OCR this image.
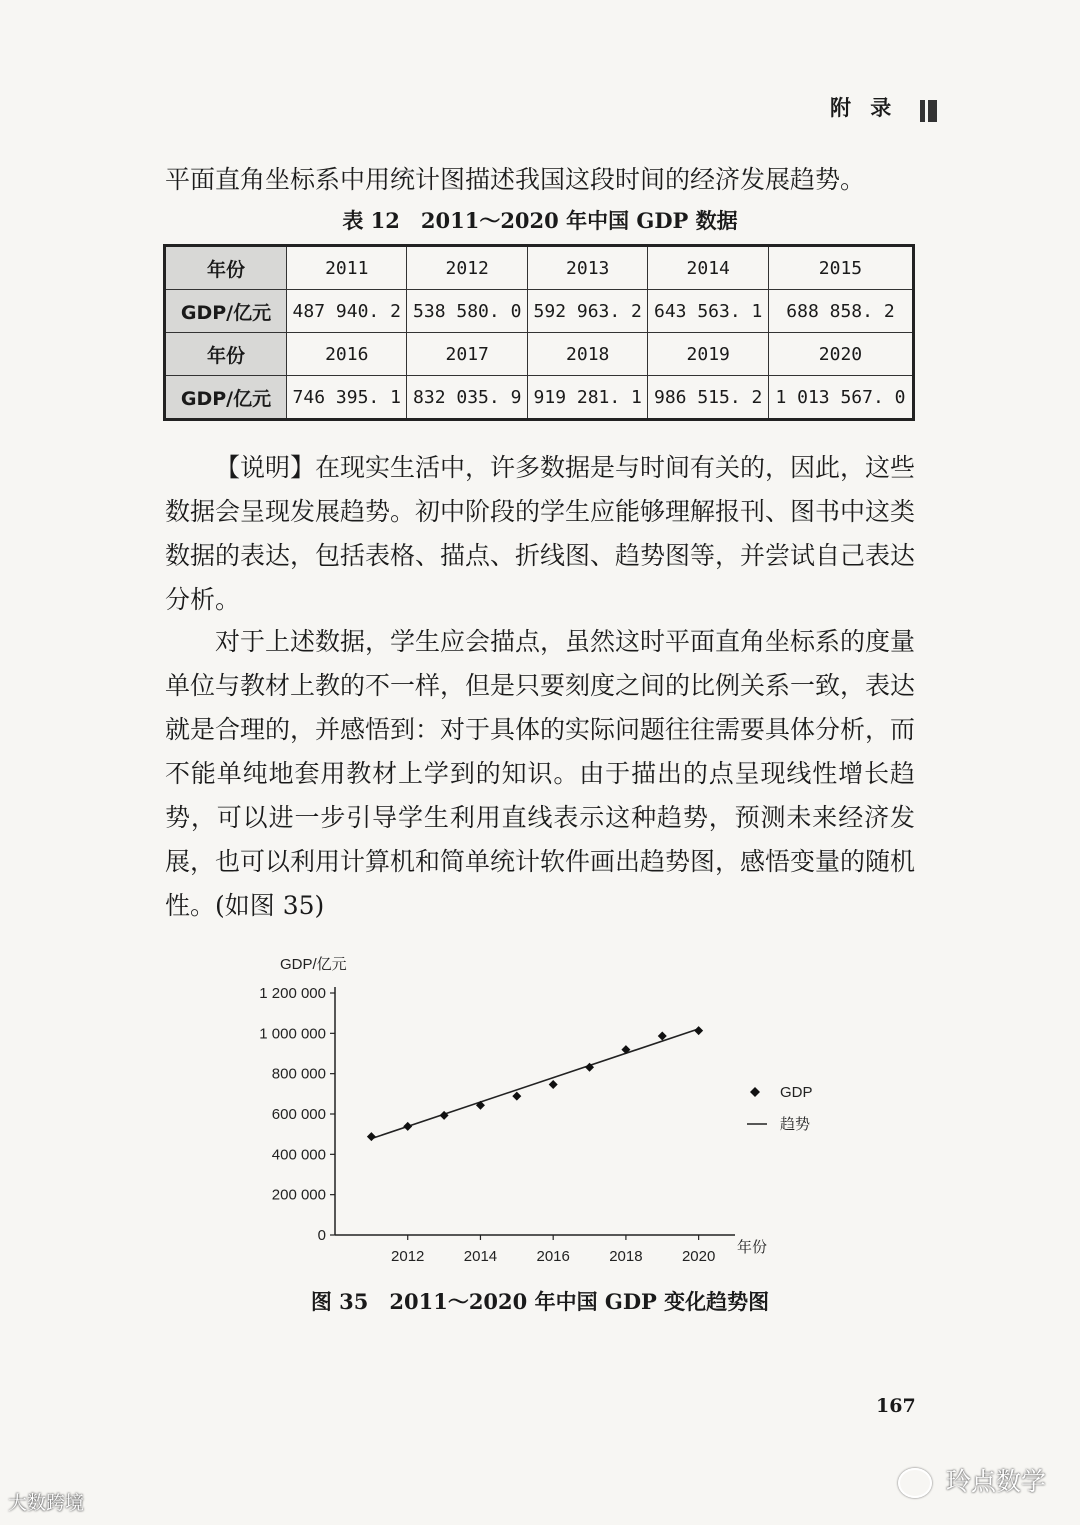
附 录
平面直角坐标系中用统计图描述我国这段时间的经济发展趋势。
表 12　2011～2020 年中国 GDP 数据
年份	2011	2012	2013	2014	2015
GDP/亿元	487 940. 2	538 580. 0	592 963. 2	643 563. 1	688 858. 2
年份	2016	2017	2018	2019	2020
GDP/亿元	746 395. 1	832 035. 9	919 281. 1	986 515. 2	1 013 567. 0
【说明】在现实生活中，许多数据是与时间有关的，因此，这些数据会呈现发展趋势。初中阶段的学生应能够理解报刊、图书中这类数据的表达，包括表格、描点、折线图、趋势图等，并尝试自己表达分析。
对于上述数据，学生应会描点，虽然这时平面直角坐标系的度量单位与教材上教的不一样，但是只要刻度之间的比例关系一致，表达就是合理的，并感悟到：对于具体的实际问题往往需要具体分析，而不能单纯地套用教材上学到的知识。由于描出的点呈现线性增长趋势，可以进一步引导学生利用直线表示这种趋势，预测未来经济发展，也可以利用计算机和简单统计软件画出趋势图，感悟变量的随机性。(如图 35)
0
200 000
400 000
600 000
800 000
1 000 000
1 200 000
2012	2014	2016	2018	2020
GDP/亿元
年份
GDP
趋势
图 35　2011～2020 年中国 GDP 变化趋势图
167
大数跨境
玲点数学
